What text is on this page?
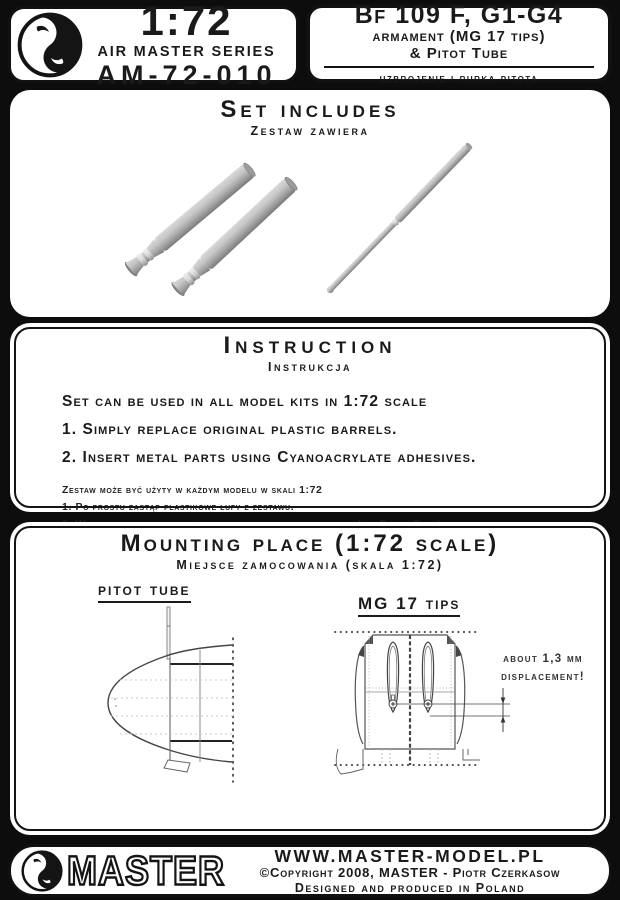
1:72
AIR MASTER SERIES
AM-72-010
Bf 109 F, G1-G4
armament (MG 17 tips)
& Pitot Tube
uzbrojenie i rurka pitota
Set includes
Zestaw zawiera
Instruction
Instrukcja
Set can be used in all model kits in 1:72 scale
1. Simply replace original plastic barrels.
2. Insert metal parts using Cyanoacrylate adhesives.
Zestaw może być użyty w każdym modelu w skali 1:72
1. Po prostu zastąp plastikowe łufy z zestawu.
Mounting place (1:72 scale)
Miejsce zamocowania (skala 1:72)
pitot tube
MG 17 tips
about 1,3 mm
displacement!
MASTER	WWW.MASTER-MODEL.PL
©Copyright 2008, MASTER - Piotr Czerkasow
Designed and produced in Poland
